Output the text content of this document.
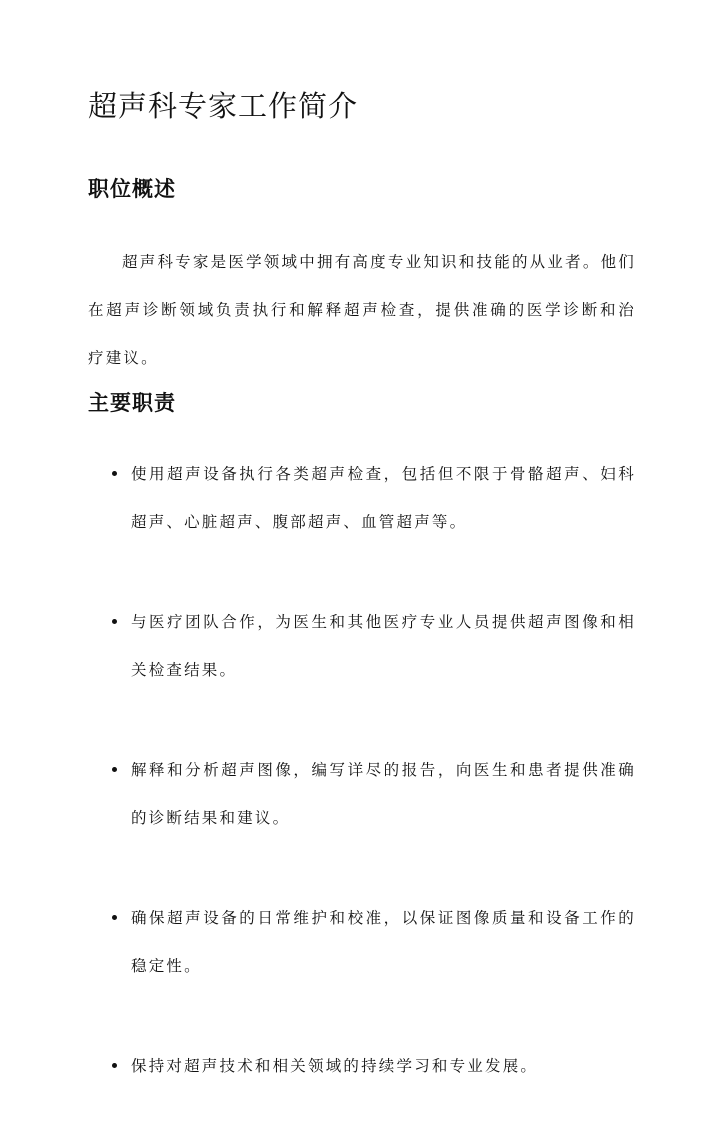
超声科专家工作简介
职位概述

超声科专家是医学领域中拥有高度专业知识和技能的从业者。他们在超声诊断领域负责执行和解释超声检查，提供准确的医学诊断和治疗建议。

主要职责
使用超声设备执行各类超声检查，包括但不限于骨骼超声、妇科超声、心脏超声、腹部超声、血管超声等。
与医疗团队合作，为医生和其他医疗专业人员提供超声图像和相关检查结果。
解释和分析超声图像，编写详尽的报告，向医生和患者提供准确的诊断结果和建议。
确保超声设备的日常维护和校准，以保证图像质量和设备工作的稳定性。
保持对超声技术和相关领域的持续学习和专业发展。
